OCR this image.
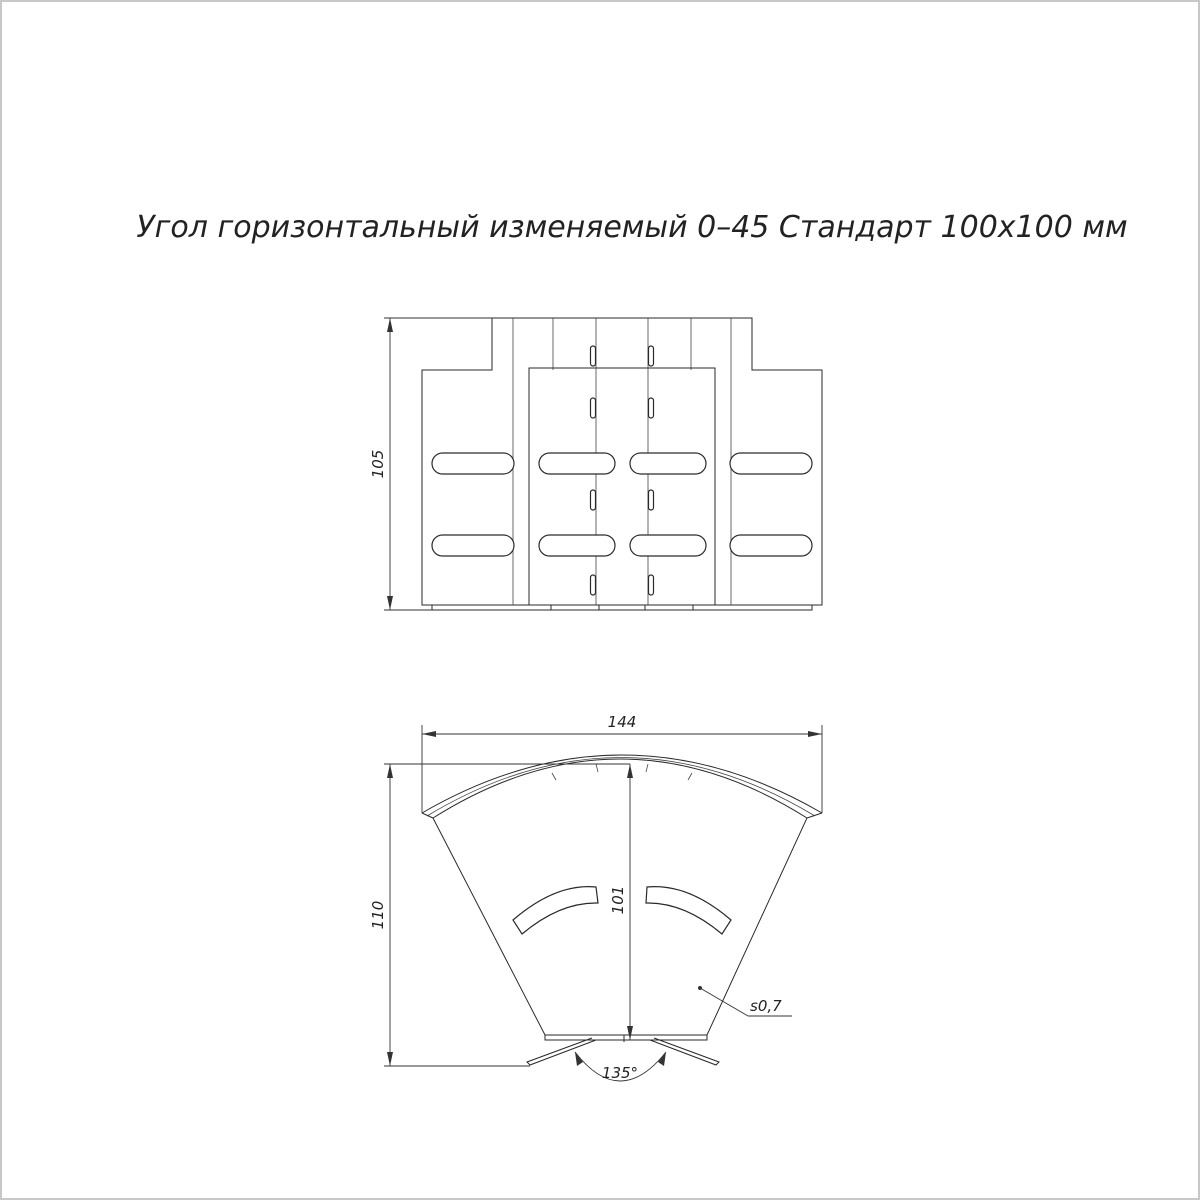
Угол горизонтальный изменяемый 0–45 Стандарт 100х100 мм
105
144
110
101
s0,7
135°
